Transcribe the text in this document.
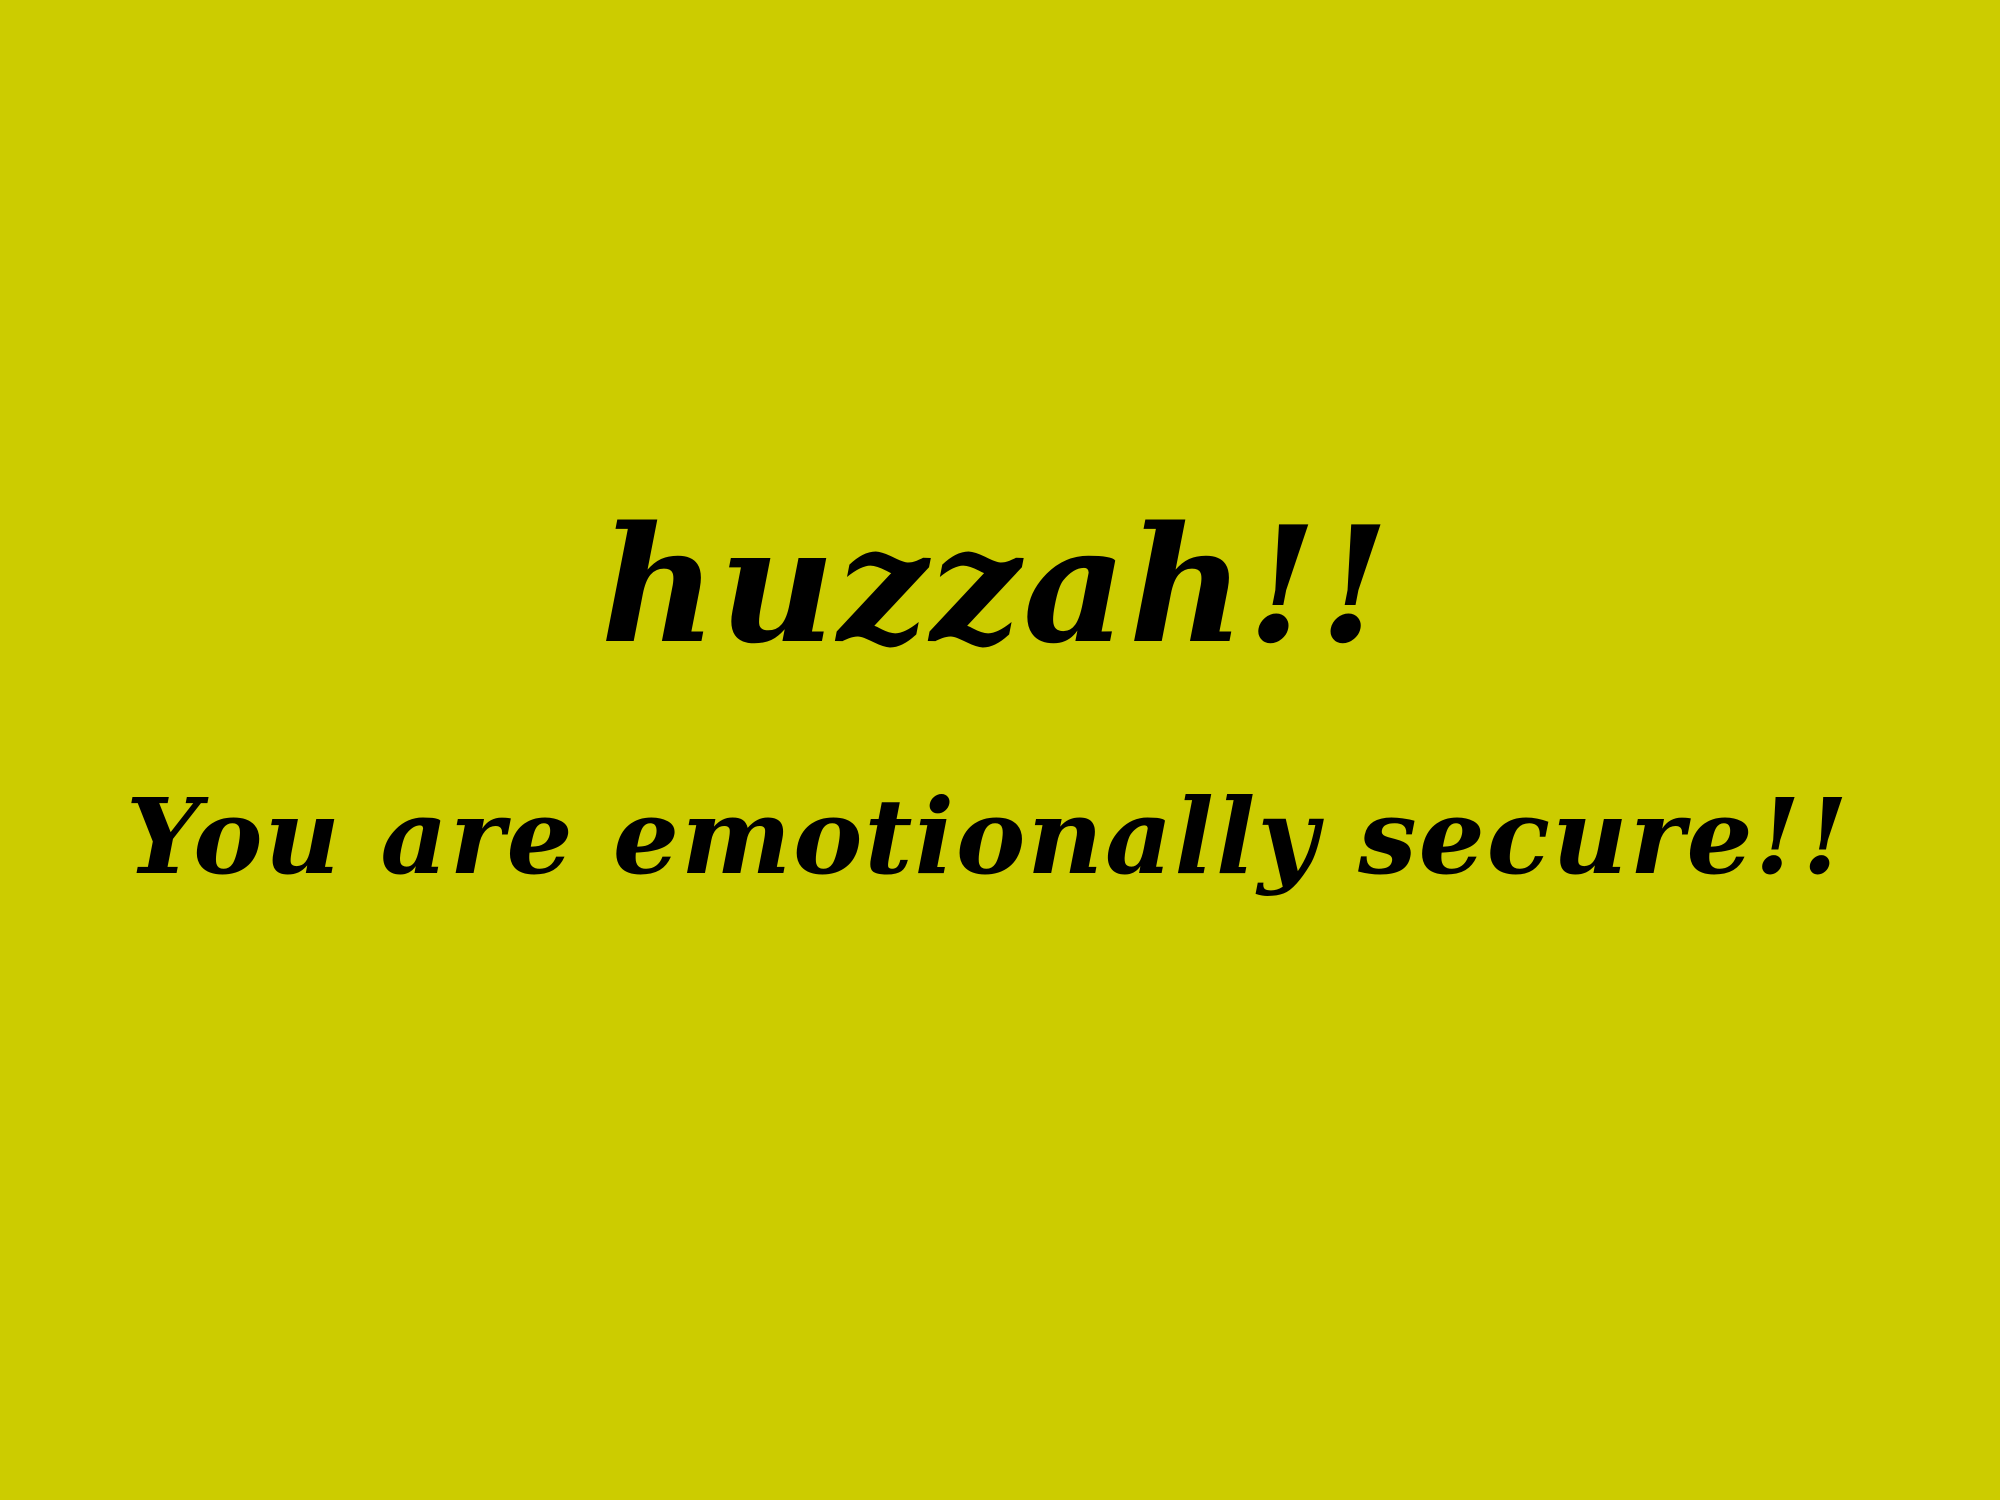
huzzah!!

You are emotionally secure!!
